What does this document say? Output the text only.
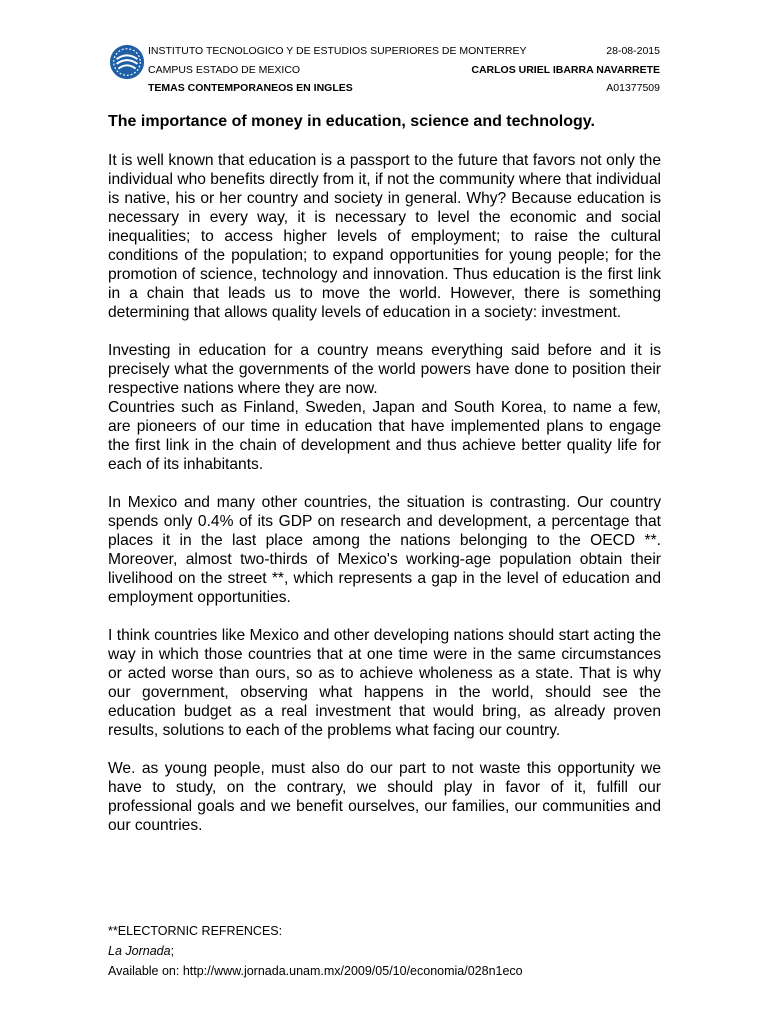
INSTITUTO TECNOLOGICO Y DE ESTUDIOS SUPERIORES DE MONTERREY	28-08-2015
CAMPUS ESTADO DE MEXICO	CARLOS URIEL IBARRA NAVARRETE
TEMAS CONTEMPORANEOS EN INGLES	A01377509
The importance of money in education, science and technology.

It is well known that education is a passport to the future that favors not only the individual who benefits directly from it, if not the community where that individual is native, his or her country and society in general. Why? Because education is necessary in every way, it is necessary to level the economic and social inequalities; to access higher levels of employment; to raise the cultural conditions of the population; to expand opportunities for young people; for the promotion of science, technology and innovation. Thus education is the first link in a chain that leads us to move the world. However, there is something determining that allows quality levels of education in a society: investment.

Investing in education for a country means everything said before and it is precisely what the governments of the world powers have done to position their respective nations where they are now.

Countries such as Finland, Sweden, Japan and South Korea, to name a few, are pioneers of our time in education that have implemented plans to engage the first link in the chain of development and thus achieve better quality life for each of its inhabitants.

In Mexico and many other countries, the situation is contrasting. Our country spends only 0.4% of its GDP on research and development, a percentage that places it in the last place among the nations belonging to the OECD **. Moreover, almost two-thirds of Mexico's working-age population obtain their livelihood on the street **, which represents a gap in the level of education and employment opportunities.

I think countries like Mexico and other developing nations should start acting the way in which those countries that at one time were in the same circumstances or acted worse than ours, so as to achieve wholeness as a state. That is why our government, observing what happens in the world, should see the education budget as a real investment that would bring, as already proven results, solutions to each of the problems what facing our country.

We. as young people, must also do our part to not waste this opportunity we have to study, on the contrary, we should play in favor of it, fulfill our professional goals and we benefit ourselves, our families, our communities and our countries.

**ELECTORNIC REFRENCES:
La Jornada;
Available on: http://www.jornada.unam.mx/2009/05/10/economia/028n1eco
